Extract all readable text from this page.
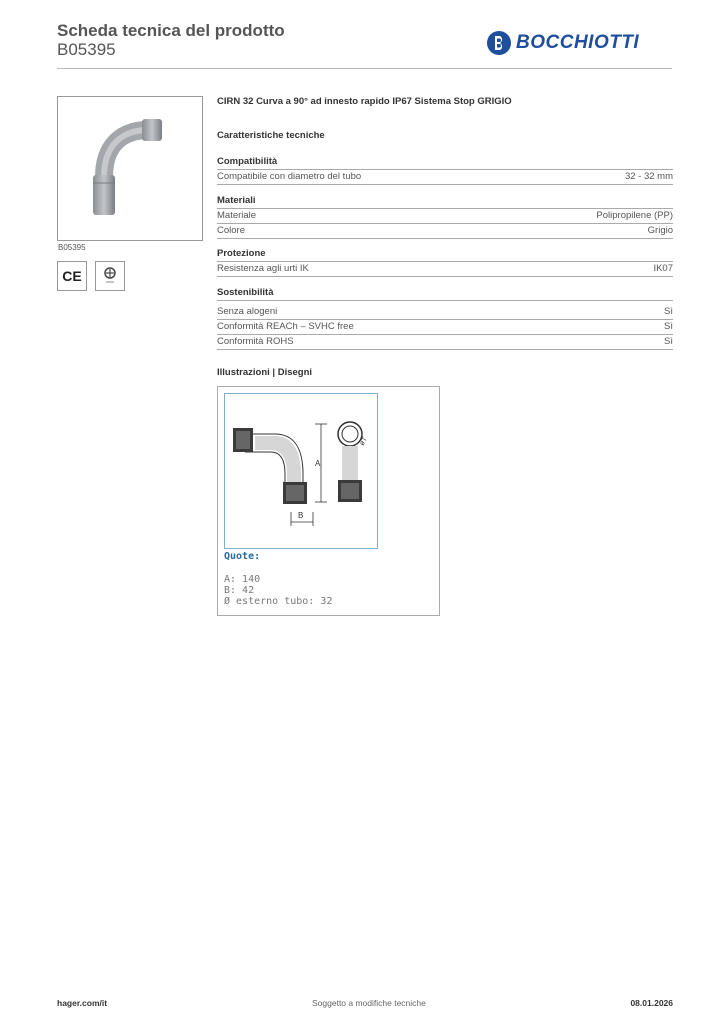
Scheda tecnica del prodotto
B05395	BOCCHIOTTI
B05395
CE
CIRN 32 Curva a 90° ad innesto rapido IP67 Sistema Stop GRIGIO
Caratteristiche tecniche
Compatibilità
Compatibile con diametro del tubo	32 - 32 mm
Materiali
Materiale	Polipropilene (PP)
Colore	Grigio
Protezione
Resistenza agli urti IK	IK07
Sostenibilità
Senza alogeni	Sì
Conformità REACh – SVHC free	Sì
Conformità ROHS	Sì
Illustrazioni | Disegni
A
B
øT
Quote:
A: 140
B: 42
Ø esterno tubo: 32
hager.com/it	Soggetto a modifiche tecniche	08.01.2026
